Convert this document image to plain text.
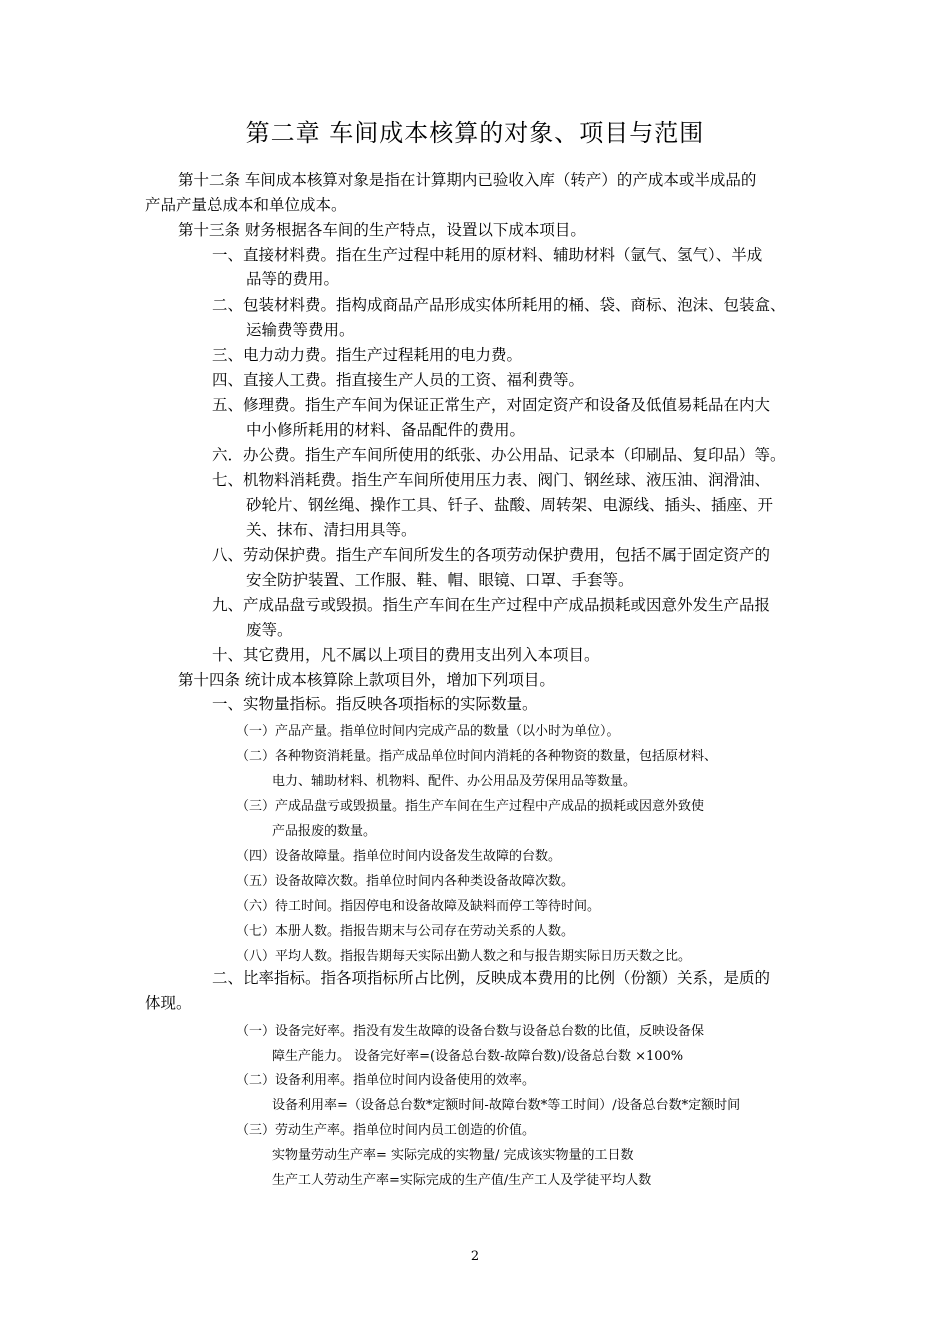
第二章 车间成本核算的对象、项目与范围
第十二条 车间成本核算对象是指在计算期内已验收入库（转产）的产成本或半成品的
产品产量总成本和单位成本。
第十三条 财务根据各车间的生产特点，设置以下成本项目。
一、直接材料费。指在生产过程中耗用的原材料、辅助材料（氩气、氢气）、半成
品等的费用。
二、包装材料费。指构成商品产品形成实体所耗用的桶、袋、商标、泡沫、包装盒、
运输费等费用。
三、电力动力费。指生产过程耗用的电力费。
四、直接人工费。指直接生产人员的工资、福利费等。
五、修理费。指生产车间为保证正常生产，对固定资产和设备及低值易耗品在内大
中小修所耗用的材料、备品配件的费用。
六．办公费。指生产车间所使用的纸张、办公用品、记录本（印刷品、复印品）等。
七、机物料消耗费。指生产车间所使用压力表、阀门、钢丝球、液压油、润滑油、
砂轮片、钢丝绳、操作工具、钎子、盐酸、周转架、电源线、插头、插座、开
关、抹布、清扫用具等。
八、劳动保护费。指生产车间所发生的各项劳动保护费用，包括不属于固定资产的
安全防护装置、工作服、鞋、帽、眼镜、口罩、手套等。
九、产成品盘亏或毁损。指生产车间在生产过程中产成品损耗或因意外发生产品报
废等。
十、其它费用，凡不属以上项目的费用支出列入本项目。
第十四条 统计成本核算除上款项目外，增加下列项目。
一、实物量指标。指反映各项指标的实际数量。
（一）产品产量。指单位时间内完成产品的数量（以小时为单位）。
（二）各种物资消耗量。指产成品单位时间内消耗的各种物资的数量，包括原材料、
电力、辅助材料、机物料、配件、办公用品及劳保用品等数量。
（三）产成品盘亏或毁损量。指生产车间在生产过程中产成品的损耗或因意外致使
产品报废的数量。
（四）设备故障量。指单位时间内设备发生故障的台数。
（五）设备故障次数。指单位时间内各种类设备故障次数。
（六）待工时间。指因停电和设备故障及缺料而停工等待时间。
（七）本册人数。指报告期末与公司存在劳动关系的人数。
（八）平均人数。指报告期每天实际出勤人数之和与报告期实际日历天数之比。
二、比率指标。指各项指标所占比例，反映成本费用的比例（份额）关系，是质的
体现。
（一）设备完好率。指没有发生故障的设备台数与设备总台数的比值，反映设备保
障生产能力。 设备完好率=(设备总台数-故障台数)/设备总台数 ×100%
（二）设备利用率。指单位时间内设备使用的效率。
设备利用率=（设备总台数*定额时间-故障台数*等工时间）/设备总台数*定额时间
（三）劳动生产率。指单位时间内员工创造的价值。
实物量劳动生产率= 实际完成的实物量/ 完成该实物量的工日数
生产工人劳动生产率=实际完成的生产值/生产工人及学徒平均人数
2
